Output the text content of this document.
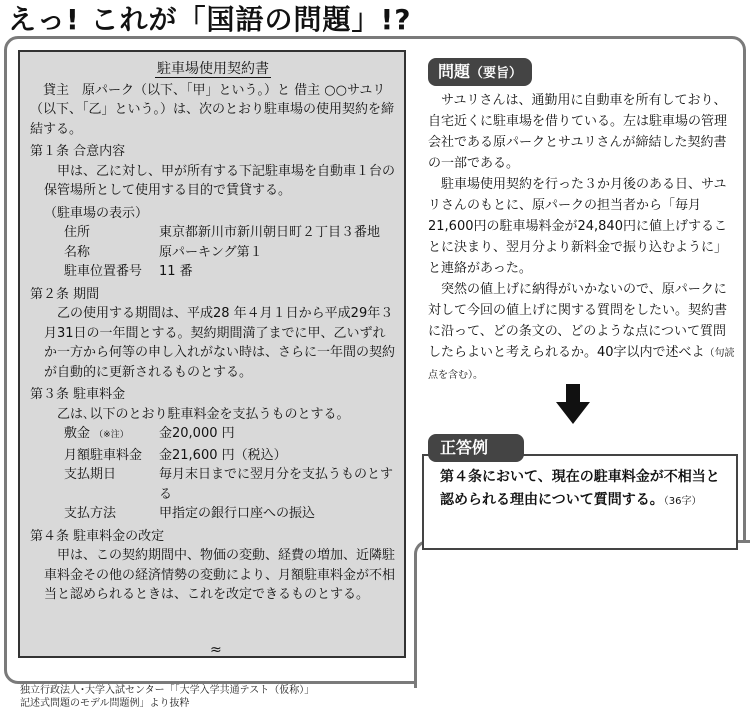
えっ! これが「国語の問題」!?
駐車場使用契約書
貸主　原パーク（以下、「甲」という。）と 借主 ○○サユリ（以下、「乙」という。）は、次のとおり駐車場の使用契約を締結する。
第１条 合意内容
甲は、乙に対し、甲が所有する下記駐車場を自動車１台の保管場所として使用する目的で賃貸する。
（駐車場の表示）
住所	東京都新川市新川朝日町２丁目３番地
名称	原パーキング第１
駐車位置番号	11 番
第２条 期間
乙の使用する期間は、平成28 年４月１日から平成29年３月31日の一年間とする。契約期間満了までに甲、乙いずれか一方から何等の申し入れがない時は、さらに一年間の契約が自動的に更新されるものとする。
第３条 駐車料金
乙は､以下のとおり駐車料金を支払うものとする。
敷金 （※注）	金20,000 円
月額駐車料金	金21,600 円（税込）
支払期日	毎月末日までに翌月分を支払うものとする
支払方法	甲指定の銀行口座への振込
第４条 駐車料金の改定
甲は、この契約期間中、物価の変動、経費の増加、近隣駐車料金その他の経済情勢の変動により、月額駐車料金が不相当と認められるときは、これを改定できるものとする。
≈
問題（要旨）

サユリさんは、通勤用に自動車を所有しており、自宅近くに駐車場を借りている。左は駐車場の管理会社である原パークとサユリさんが締結した契約書の一部である。

駐車場使用契約を行った３か月後のある日、サユリさんのもとに、原パークの担当者から「毎月21,600円の駐車場料金が24,840円に値上げすることに決まり、翌月分より新料金で振り込むように」と連絡があった。

突然の値上げに納得がいかないので、原パークに対して今回の値上げに関する質問をしたい。契約書に沿って、どの条文の、どのような点について質問したらよいと考えられるか。40字以内で述べよ（句読点を含む）。

第４条において、現在の駐車料金が不相当と認められる理由について質問する。（36字）
正答例
独立行政法人･大学入試センター「｢大学入学共通テスト（仮称）」
記述式問題のモデル問題例」より抜粋
